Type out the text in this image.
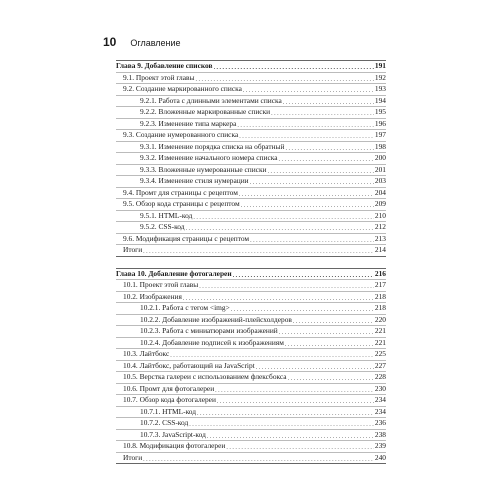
10 Оглавление
Глава 9. Добавление списков . . .	191
9.1. Проект этой главы . . .	192
9.2. Создание маркированного списка . . .	193
9.2.1. Работа с длинными элементами списка . . .	194
9.2.2. Вложенные маркированные списки . . .	195
9.2.3. Изменение типа маркера . . .	196
9.3. Создание нумерованного списка . . .	197
9.3.1. Изменение порядка списка на обратный . . .	198
9.3.2. Изменение начального номера списка . . .	200
9.3.3. Вложенные нумерованные списки . . .	201
9.3.4. Изменение стиля нумерации . . .	203
9.4. Промт для страницы с рецептом . . .	204
9.5. Обзор кода страницы с рецептом . . .	209
9.5.1. HTML-код . . .	210
9.5.2. CSS-код . . .	212
9.6. Модификация страницы с рецептом . . .	213
Итоги . . .	214
Глава 10. Добавление фотогалереи . . .	216
10.1. Проект этой главы . . .	217
10.2. Изображения . . .	218
10.2.1. Работа с тегом <img> . . .	218
10.2.2. Добавление изображений-плейсхолдеров . . .	220
10.2.3. Работа с миниатюрами изображений . . .	221
10.2.4. Добавление подписей к изображениям . . .	221
10.3. Лайтбокс . . .	225
10.4. Лайтбокс, работающий на JavaScript . . .	227
10.5. Верстка галереи с использованием флексбокса . . .	228
10.6. Промт для фотогалереи . . .	230
10.7. Обзор кода фотогалереи . . .	234
10.7.1. HTML-код . . .	234
10.7.2. CSS-код . . .	236
10.7.3. JavaScript-код . . .	238
10.8. Модификация фотогалереи . . .	239
Итоги . . .	240
